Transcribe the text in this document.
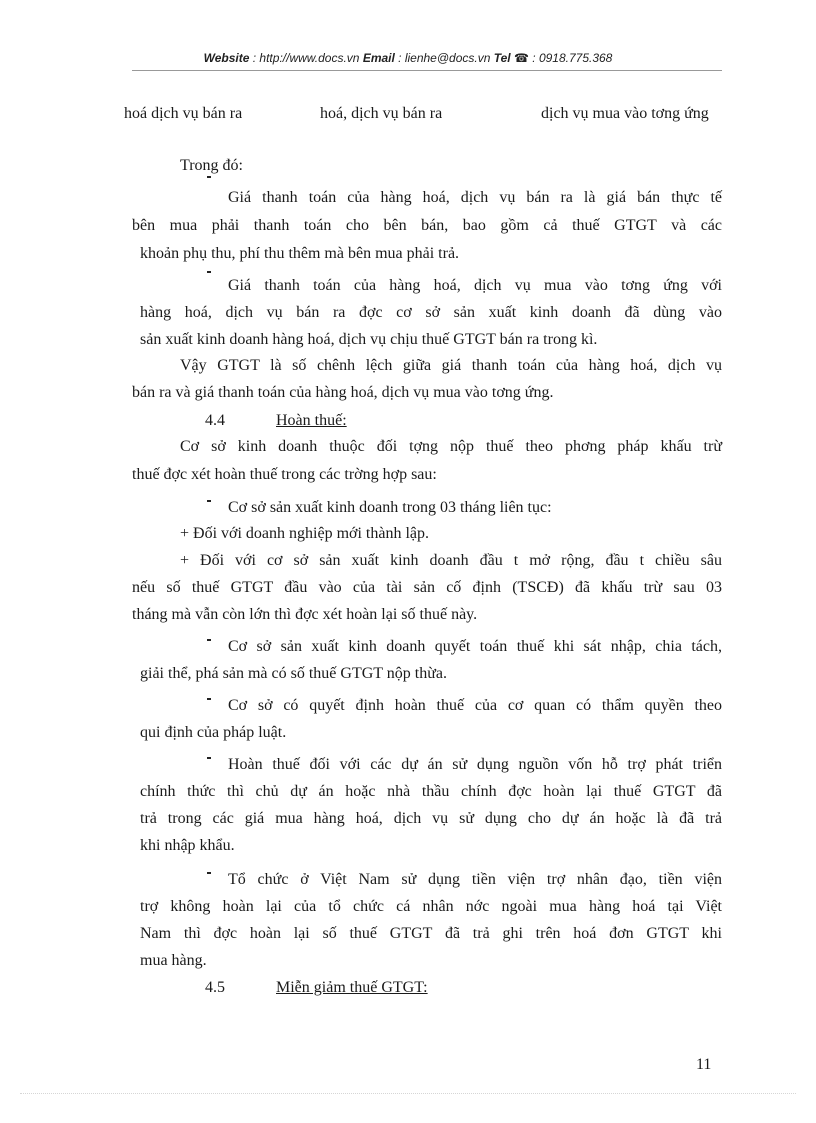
Website : http://www.docs.vn Email : lienhe@docs.vn Tel ☎ : 0918.775.368
hoá dịch vụ bán ra	hoá, dịch vụ bán ra	dịch vụ mua vào tơng ứng
Trong đó:
Giá thanh toán của hàng hoá, dịch vụ bán ra là giá bán thực tế
bên mua phải thanh toán cho bên bán, bao gồm cả thuế GTGT và các
khoản phụ thu, phí thu thêm mà bên mua phải trả.
Giá thanh toán của hàng hoá, dịch vụ mua vào tơng ứng với
hàng hoá, dịch vụ bán ra đợc cơ sở sản xuất kinh doanh đã dùng vào
sản xuất kinh doanh hàng hoá, dịch vụ chịu thuế GTGT bán ra trong kì.
Vậy GTGT là số chênh lệch giữa giá thanh toán của hàng hoá, dịch vụ
bán ra và giá thanh toán của hàng hoá, dịch vụ mua vào tơng ứng.
4.4	Hoàn thuế:
Cơ sở kinh doanh thuộc đối tợng nộp thuế theo phơng pháp khấu trừ
thuế đợc xét hoàn thuế trong các trờng hợp sau:
Cơ sở sản xuất kinh doanh trong 03 tháng liên tục:
+ Đối với doanh nghiệp mới thành lập.
+ Đối với cơ sở sản xuất kinh doanh đầu t mở rộng, đầu t chiều sâu
nếu số thuế GTGT đầu vào của tài sản cố định (TSCĐ) đã khấu trừ sau 03
tháng mà vẫn còn lớn thì đợc xét hoàn lại số thuế này.
Cơ sở sản xuất kinh doanh quyết toán thuế khi sát nhập, chia tách,
giải thể, phá sản mà có số thuế GTGT nộp thừa.
Cơ sở có quyết định hoàn thuế của cơ quan có thẩm quyền theo
qui định của pháp luật.
Hoàn thuế đối với các dự án sử dụng nguồn vốn hỗ trợ phát triển
chính thức thì chủ dự án hoặc nhà thầu chính đợc hoàn lại thuế GTGT đã
trả trong các giá mua hàng hoá, dịch vụ sử dụng cho dự án hoặc là đã trả
khi nhập khẩu.
Tổ chức ở Việt Nam sử dụng tiền viện trợ nhân đạo, tiền viện
trợ không hoàn lại của tổ chức cá nhân nớc ngoài mua hàng hoá tại Việt
Nam thì đợc hoàn lại số thuế GTGT đã trả ghi trên hoá đơn GTGT khi
mua hàng.
4.5	Miễn giảm thuế GTGT:
11
